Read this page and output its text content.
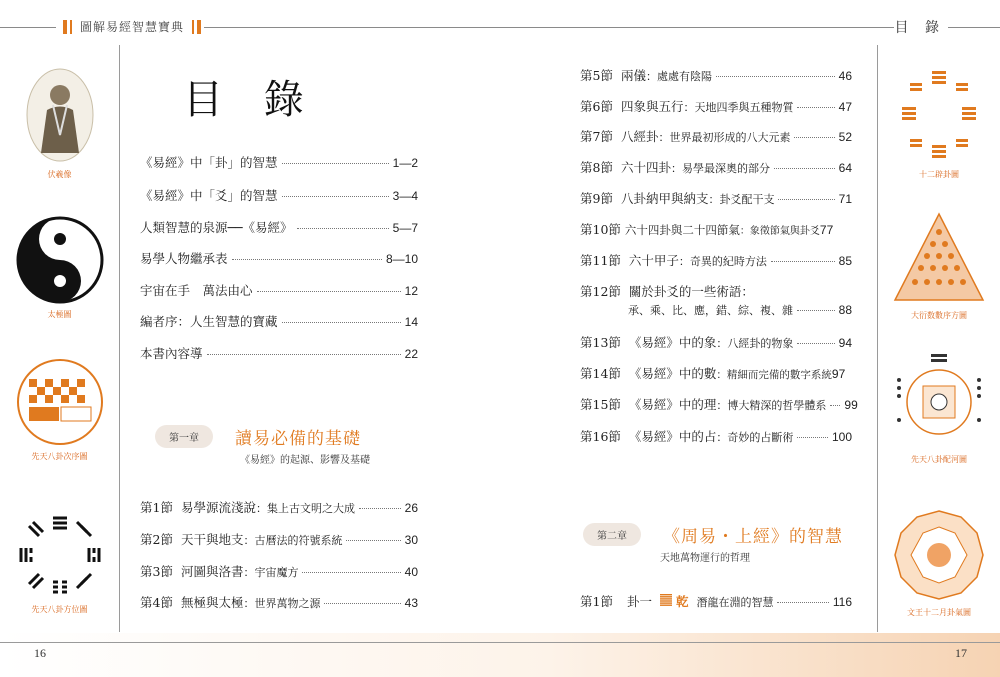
圖解易經智慧寶典	目 錄
伏羲像
太極圖
先天八卦次序圖
先天八卦方位圖
十二辟卦圖
大衍数數序方圖
先天八卦配河圖
文王十二月卦氣圖
目 錄
《易經》中「卦」的智慧	1—2
《易經》中「爻」的智慧	3—4
人類智慧的泉源──《易經》	5—7
易學人物繼承表	8—10
宇宙在手　萬法由心	12
編者序：人生智慧的寶藏	14
本書內容導	22
第一章	讀易必備的基礎
《易經》的起源、影響及基礎
第1節 易學源流淺說 ：集上古文明之大成	26
第2節 天干與地支 ：古曆法的符號系統	30
第3節 河圖與洛書 ：宇宙魔方	40
第4節 無極與太極 ：世界萬物之源	43
第5節 兩儀 ：處處有陰陽	46
第6節 四象與五行 ：天地四季與五種物質	47
第7節 八經卦 ：世界最初形成的八大元素	52
第8節 六十四卦 ：易學最深奧的部分	64
第9節 八卦納甲與納支 ：卦爻配干支	71
第10節 六十四卦與二十四節氣 ：象徵節氣與卦爻 77
第11節 六十甲子 ：奇異的紀時方法	85
第12節 關於卦爻的一些術語：
承、乘、比、應，錯、綜、複、雜	88
第13節 《易經》中的象 ：八經卦的物象	94
第14節 《易經》中的數 ：精細而完備的數字系統 97
第15節 《易經》中的理 ：博大精深的哲學體系 99
第16節 《易經》中的占 ：奇妙的占斷術	100
第二章	《周易・上經》的智慧
天地萬物運行的哲理
第1節 卦一 乾 潛龍在淵的智慧	116
16	17
